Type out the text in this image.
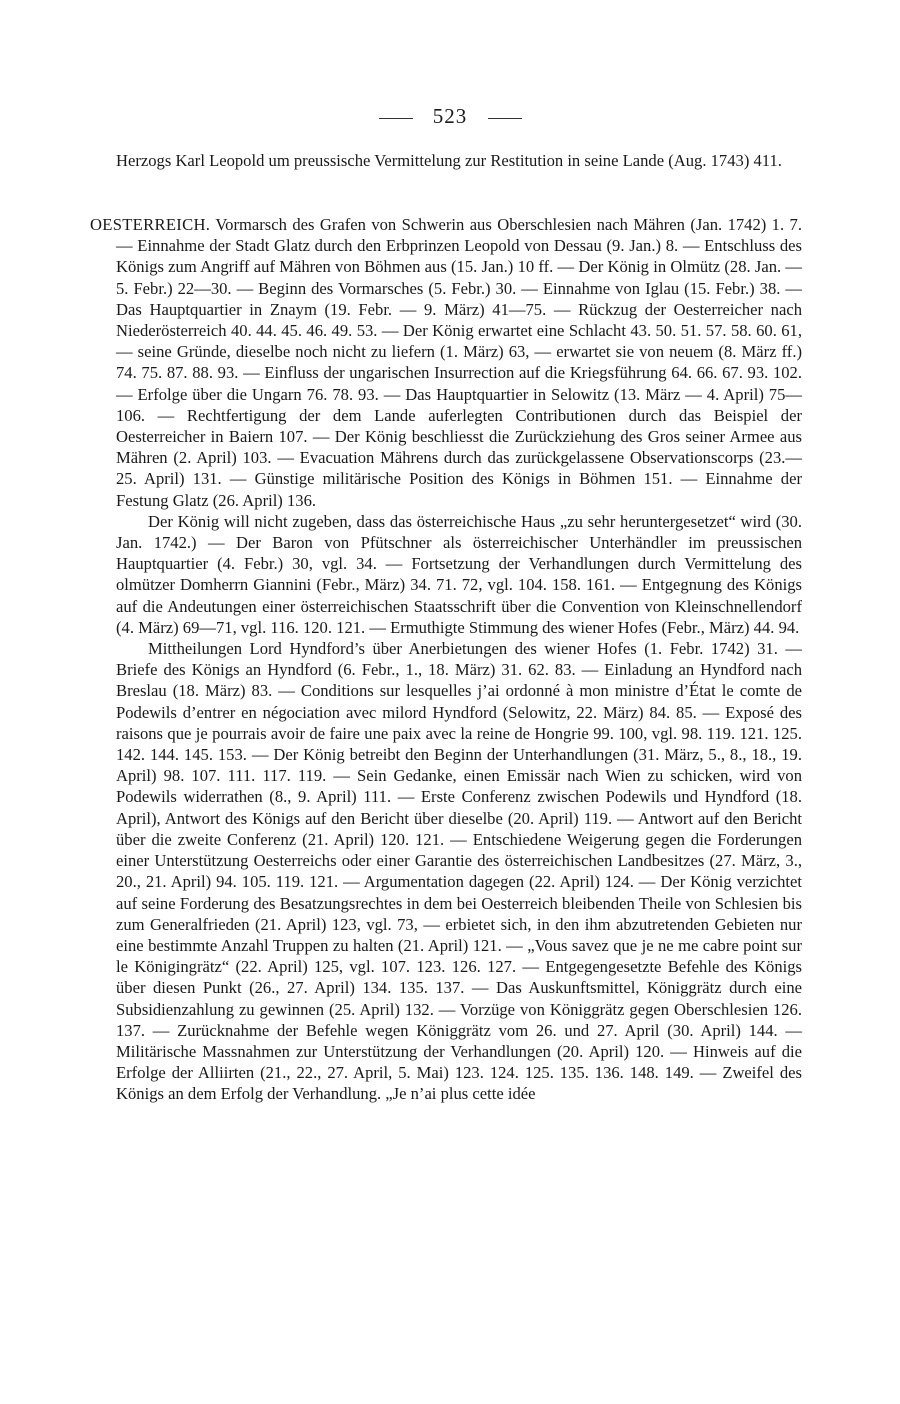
523
Herzogs Karl Leopold um preussische Vermittelung zur Restitution in seine Lande (Aug. 1743) 411.

OESTERREICH. Vormarsch des Grafen von Schwerin aus Oberschlesien nach Mähren (Jan. 1742) 1. 7. — Einnahme der Stadt Glatz durch den Erbprinzen Leopold von Dessau (9. Jan.) 8. — Entschluss des Königs zum Angriff auf Mähren von Böhmen aus (15. Jan.) 10 ff. — Der König in Olmütz (28. Jan. — 5. Febr.) 22—30. — Beginn des Vormarsches (5. Febr.) 30. — Einnahme von Iglau (15. Febr.) 38. — Das Hauptquartier in Znaym (19. Febr. — 9. März) 41—75. — Rückzug der Oesterreicher nach Niederösterreich 40. 44. 45. 46. 49. 53. — Der König erwartet eine Schlacht 43. 50. 51. 57. 58. 60. 61, — seine Gründe, dieselbe noch nicht zu liefern (1. März) 63, — erwartet sie von neuem (8. März ff.) 74. 75. 87. 88. 93. — Einfluss der ungarischen Insurrection auf die Kriegsführung 64. 66. 67. 93. 102. — Erfolge über die Ungarn 76. 78. 93. — Das Hauptquartier in Selowitz (13. März — 4. April) 75—106. — Rechtfertigung der dem Lande auferlegten Contributionen durch das Beispiel der Oesterreicher in Baiern 107. — Der König beschliesst die Zurückziehung des Gros seiner Armee aus Mähren (2. April) 103. — Evacuation Mährens durch das zurückgelassene Observationscorps (23.—25. April) 131. — Günstige militärische Position des Königs in Böhmen 151. — Einnahme der Festung Glatz (26. April) 136.

Der König will nicht zugeben, dass das österreichische Haus „zu sehr heruntergesetzet“ wird (30. Jan. 1742.) — Der Baron von Pfütschner als österreichischer Unterhändler im preussischen Hauptquartier (4. Febr.) 30, vgl. 34. — Fortsetzung der Verhandlungen durch Vermittelung des olmützer Domherrn Giannini (Febr., März) 34. 71. 72, vgl. 104. 158. 161. — Entgegnung des Königs auf die Andeutungen einer österreichischen Staatsschrift über die Convention von Kleinschnellendorf (4. März) 69—71, vgl. 116. 120. 121. — Ermuthigte Stimmung des wiener Hofes (Febr., März) 44. 94.

Mittheilungen Lord Hyndford’s über Anerbietungen des wiener Hofes (1. Febr. 1742) 31. — Briefe des Königs an Hyndford (6. Febr., 1., 18. März) 31. 62. 83. — Einladung an Hyndford nach Breslau (18. März) 83. — Conditions sur lesquelles j’ai ordonné à mon ministre d’État le comte de Podewils d’entrer en négociation avec milord Hyndford (Selowitz, 22. März) 84. 85. — Exposé des raisons que je pourrais avoir de faire une paix avec la reine de Hongrie 99. 100, vgl. 98. 119. 121. 125. 142. 144. 145. 153. — Der König betreibt den Beginn der Unterhandlungen (31. März, 5., 8., 18., 19. April) 98. 107. 111. 117. 119. — Sein Gedanke, einen Emissär nach Wien zu schicken, wird von Podewils widerrathen (8., 9. April) 111. — Erste Conferenz zwischen Podewils und Hyndford (18. April), Antwort des Königs auf den Bericht über dieselbe (20. April) 119. — Antwort auf den Bericht über die zweite Conferenz (21. April) 120. 121. — Entschiedene Weigerung gegen die Forderungen einer Unterstützung Oesterreichs oder einer Garantie des österreichischen Landbesitzes (27. März, 3., 20., 21. April) 94. 105. 119. 121. — Argumentation dagegen (22. April) 124. — Der König verzichtet auf seine Forderung des Besatzungsrechtes in dem bei Oesterreich bleibenden Theile von Schlesien bis zum Generalfrieden (21. April) 123, vgl. 73, — erbietet sich, in den ihm abzutretenden Gebieten nur eine bestimmte Anzahl Truppen zu halten (21. April) 121. — „Vous savez que je ne me cabre point sur le Königingrätz“ (22. April) 125, vgl. 107. 123. 126. 127. — Entgegengesetzte Befehle des Königs über diesen Punkt (26., 27. April) 134. 135. 137. — Das Auskunftsmittel, Königgrätz durch eine Subsidienzahlung zu gewinnen (25. April) 132. — Vorzüge von Königgrätz gegen Oberschlesien 126. 137. — Zurücknahme der Befehle wegen Königgrätz vom 26. und 27. April (30. April) 144. — Militärische Massnahmen zur Unterstützung der Verhandlungen (20. April) 120. — Hinweis auf die Erfolge der Alliirten (21., 22., 27. April, 5. Mai) 123. 124. 125. 135. 136. 148. 149. — Zweifel des Königs an dem Erfolg der Verhandlung. „Je n’ai plus cette idée
